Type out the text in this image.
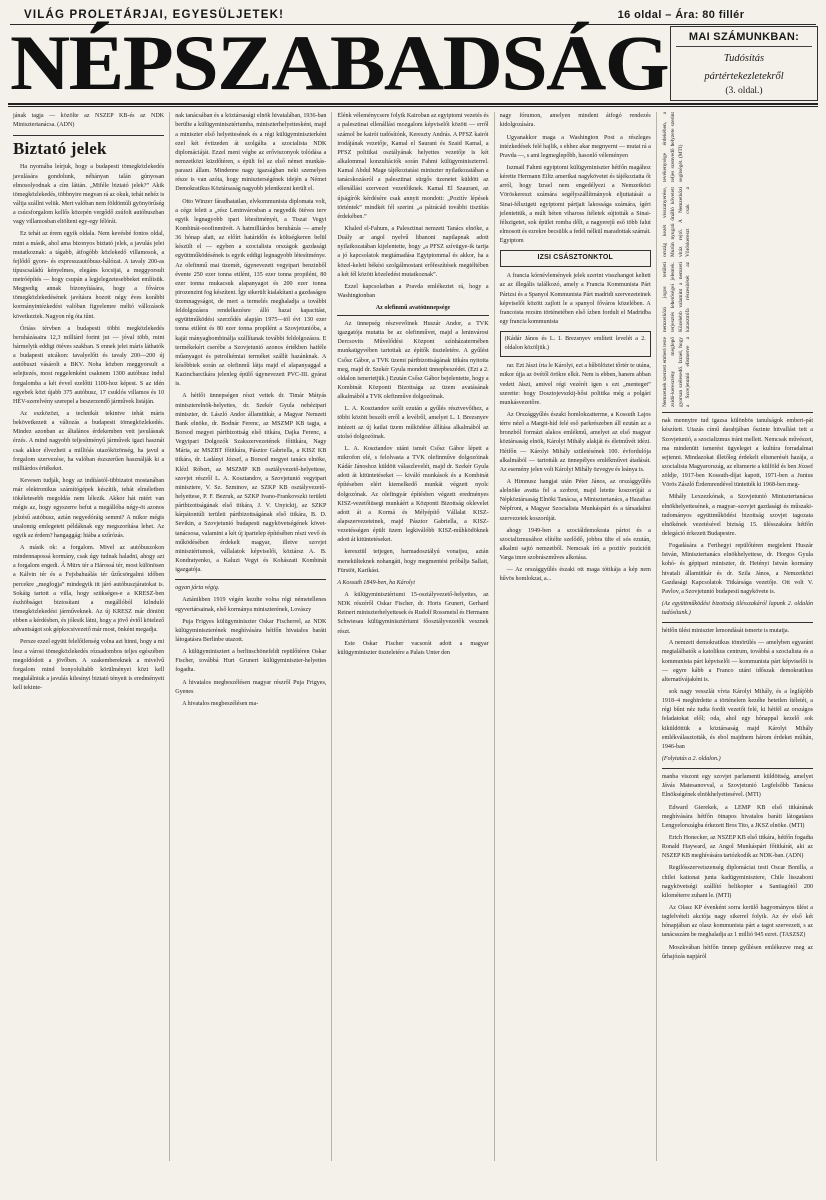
VILÁG PROLETÁRJAI, EGYESÜLJETEK!	16 oldal – Ára: 80 fillér
NÉPSZABADSÁG	MAI SZÁMUNKBAN:
Tudósítás
pártértekezletekről
(3. oldal.)

jának tagja — közölte az NSZEP KB-és az NDK Minisztertanácsa. (ADN)

Biztató jelek

Ha nyomába leírjuk, hogy a budapesti tömegközlekedés javulására gondolunk, néhányan talán gúnyosan elmosolyodnak a cím láttán. „Miféle biztató jelek?” Akik tömegközlekedés, többnyire megvan rá az okuk, tehát nehéz is váltja szállni velük. Mert valóban nem földöntúli gyönyörűség a csúcsforgalom kellős közepén vergődő zsúfolt autóbuszban vagy villamosban eltölteni egy-egy félórát.

Ez tehát az érem egyik oldala. Nem kevésbé fontos oldal, mint a másik, ahol ama bizonyos biztató jelek, a javulás jelei mutatkoznak: a tágabb, átfogóbb közlekedő villamosok, a fejlődő gyors- és expresszautóbusz-hálózat. A tavaly 200-as típuscsaládú kényelmes, elegáns kocsijai, a meggyorsult metróépítés — hogy csupán a legjelegzetesebbeket említsük. Megpedig annak bizonyítására, hogy a főváros tömegközlekedésének javításra hozott négy éves korábbi kormányintézkedést valóban figyelemre méltó vállozások következtek. Nagyon rég óta tűnt.

Óriáss térvben a budapesti többi megközlekedés beruházásaira 12,3 milliárd forint jut — jóval több, mint bármelyik eddigi ötéves szakban. S ennek jelei máris láthatók a budapesti utcákon: tavalyelőtt és tavaly 200—200 új autóbuszt vásárolt a BKV. Noha közben meggyorsult a selejtezés, most reggelenként csaknem 1300 autóbusz indul forgalomba a két évvel ezelőtti 1100-hoz képest. S az idén egyebek közt újabb 375 autóbusz, 17 csuklós villamos és 10 HÉV-szerelvény szerepel a beszerzendő járművek listáján.

Az eszközözt, a technikát tekintve tehát máris bekövetkezett a változás a budapesti tömegközlekedés. Mindez azonban az általános érdekemben vett javulásnak érzés. A mind nagyobb teljesítményű járművek igazi hasznát csak akkor élvezheti a millióás utazóközönség, ha javul a forgalom szervezése, ha valóban észszerűen használják ki a milliárdos értékeket.

Kevesen tudják, hogy az indítástól-tibbizatot mostanában már elektronikus számítógépek készítik, tehát elméletben tökéletesebb megoldás nem lélezik. Akkor hát miért van mégis az, hogy egyszerre befut a megállóba négy-öt azonos jelzésű autóbusz, aztán negyedóráig semmi? A mikor mégis unalomig emlegetett példáknak egy megszorítása lehet. Az egyik az érdem? hangaggág: hiába a szűrózás.

A másik ok: a forgalom. Mivel az autóbuszokon mindennapossá kormány, csak úgy tudnak haladni, ahogy azt a forgalom engedi. Á Mürx tér a Hárossá tér, most különösen a Kálvin tér és a Fejsbahuálás tér űzűcsörgalmi időben percekre „megfogja” mindegyik itt járó autóbuszjáratokat is. Sokáig tartott a villa, hogy szükséges-e a KRESZ-ben észhöbságet biztosítani a megállóból kilnduló tömegközlekedési járműveknek. Az új KRESZ már döntött ebben a kérdésben, és jólesik látni, hogy a jövő évtől kötelező advantságot sok gépkocsivezető már most, önként megadja.

Persze ezzel együtt felelőtlenség volna azt hinni, hogy a mi lesz a városi tömegközlekedés rózsadombos teljes egészében megoldódott a jövőben. A szakembereknek a mivelvű forgalom mind bonyolultabb körülményei közt kell megtalálniuk a javulás kilesínyi biztató tényeit is eredményeit kell tekinte-

nak tanácsában és a köztársasági elnök hivatalában, 1936-ban berülte a külügyminisztériumba, miniszterhelyettesként, majd a miniszter első helyettesének és a régi külügyminiszterként ezel két évtizeden át szolgálta a szocialista NDK diplomáciáját. Ezzel meni végbe az erőviszonyok tolódása a nemzetközi küzdőtéren, s épült fel az első német munkás-paraszt állam. Mindenne nagy igazságban neki szemelyes része is van azóta, hogy miniszterségének idején a Német Demokratikus Köztársaság nagyobb jelentkezni került el.

Otto Winzer fáradhatatlan, elvkommunista diplomata volt, a cégz felett a „rész Leninvárosban a negyedik ötéves terv egyik legnagyobb ipari létesítményét, a Tiszai Vegyi Kombinát-ooofinmüvét. A hatmilliárdos beruházás — amely 36 hónap alatt, az előírt határidőn és költségkeren belül készült el — egyben a szocialista országok gazdasági együttműködésének is egyik eddigi legnagyobb létesítménye. Az olefinmű mai üzemét, úgynevezett vegyipari benzinből évente 250 ezer tonna etilént, 135 ezer tonna propilént, 80 ezer tonna mukacsuk alapanyagot és 200 ezer tonna pirozenzint fog készíteni. Így sikerült kialakítani a gazdaságos üzemnagyságot, de mert a termelés meghaladja a további feldolgozásra rendelkezésre álló hazai kapacitást, együttműködési szerződés alapján 1975—töl évi 130 ezer tonna etilént és 80 ezer tonna propilént a Szovjetunióba, a kaját mányagbombinálja szállítanak további feldolgozásra. E termékekért cserébe a Szovjetunió azonos értékben hatféle műanyagot és petrolkémiai terméket szállít hazánknak. A későbbiek során az olefinmű látja majd el alapanyaggal a Kazincbarcikára jelenleg épülő úgynevezett PVC-III. gyárat is.

A hétfői ünnepségen részt vettek dr. Timár Mátyás miniszterelnök-helyettes, dr. Szekér Gyula nehézipari miniszter, dr. László Andor államtitkár, a Magyar Nemzeti Bank elnöke, dr. Bodnár Ferenc, az MSZMP KB tagja, a Borsod megyei pártbizottság első titkára, Dajka Ferenc, a Vegyipari Dolgozók Szakszervezetének főtitkára, Nagy Mária, az MSZBT főtitkára, Pásztor Gabriella, a KISZ KB titkára, dr. Ladányi József, a Borsod megyei tanács elnöke, Klézl Róbert, az MSZMP KB osztályvezető-helyettese, szovjet részről L. A. Kosztandov, a Szovjetunió vegyipari minisztere, V. Sz. Szminov, az SZKP KB osztályvezető-helyettese, P. F. Bezruk, az SZKP Ivano-Frankovszki területi pártbizottságának első titkára, J. V. Unyickij, az SZKP kárpátontúli területi pártbizottságának első titkára, B. D. Sevikin, a Szovjetunió budapesti nagykövetségének követ-tanácsosa, valamint a két új ipartelep építésében részt vevő és működésében érdekelt magyar, illetve szovjet minisztériumok, vállalatok képviselői, köztársz A. B. Kondratyenko, a Kaluzi Vegyi és Kohászati Kombinát igazgatója.

ogyan járta végig.

Aztánikben 1919 végén kezdte volna régi németellenes egyvertársainak, első kormánya miniszterének, Lovászy

Puja Frigyes külügyminiszter Oskar Fischerrel, az NDK külügyminiszterének meghívására hétfőn hivatalos baráti látogatásra Berlinbe utazott.

A külügyminisztert a berlinschönefeldi repülőtéren Oskar Fischer, továbbá Hurt Grunert külügyminiszter-helyettes fogadta.

A hivatalos megbeszélésen magyar részről Puja Frigyes, Gyenes

A hivatalos megbeszélésen ma-

Élénk véleménycsere folyik Kairoban az egyiptomi vezetés és a palesztinai ellenállási mozgalom képviselői között — erről számol be kairói tudósítónk, Kereszty András. A PFSZ kairói irodájának vezetője, Kamal el Saurani és Szaid Kamal, a PFSZ politikai osztályának helyettes vezetője is két alkalommal konzultációk során Fahmi külügyminiszterrel. Kamal Abdul Mage tájékoztatási miniszter nyilatkozatában a tanácskozásról a palesztinai sürgős üzenetet küldött az ellenállási szervezet vezetőiknek. Kamal El Szaurani, az újságírók kérdésére csak annyit mondott: „Pozitív lépések történtek” mindkét fél szerint „a pátrácád további tisztítás érdekében.”

Khaled el-Fahum, a Palesztinai nemzeti Tanács elnöke, a Duály ar angol nyelvű libanoni napilapnak adott nyilatkozatában kijelentette, hogy „a PFSZ szívügye-ik tartja a jó kapcsolatok megtámadása Egyiptommal és akkor, ha a közel-keleti békési szolgálmostani erőfeszítések megtéltében a két fél között közeledést mutatkoznak”.

Ezzel kapcsolatban a Pravda emlékeztet rá, hogy a Washingtonban

Az olefinmű avatóünnepsége

Az ünnepség részvevőinek Huszár Andor, a TVK igazgatója mutatta be az olefinművet, majd a leninvárosi Dercsovits Művelődési Központ színházatermében munkaügyvében tartottak az építők tiszteletére. A gyűlést Csősz Gábor, a TVK üzemi pártbizottságának titkára nyitotta meg, majd dr. Szekér Gyula mondott ünnepbeszédet. (Ezt a 2. oldalon ismertetjük.) Ezután Csősz Gábor bejelentette, hogy a Kombinát Központi Bizottsága az üzem avatásának alkalmából a TVK olefinműve dolgozóinak.

L. A. Kosztandov szólt ezután a gyűlés résztvevőihez, a többi között beszélt erről a levélről, amelyet L. I. Brezsnyev intézett az új katlai üzem működése állítása alkalmából az utolsó dolgozóinak.

L. A. Kosztandov utáni ismét Csősz Gábor lépett a mikrofon elé, s felolvasta a TVK olefinműve dolgozóinak Kádár Jánoshoz küldött válaszlevelét, majd dr. Szekér Gyula adott át kitüntetéseket — kiváló munkások és a Kombinát építéseben elért kiemelkedő munkát végzett nyolc dolgozónak. Az olefingyár építésben végzett eredményes KISZ-vezetőiüsegi munkáért a Központi Bizottság oklevelet adott át a Kormá és Mélyépítő Vállalat KISZ-alapszervezeteinek, majd Pásztor Gabriella, a KISZ-vezetésségen épült üzem legkiválóbb KISZ-műhködöknek adott át kitüntetéseket.

keresztül tetjegen, harmadosztályú vonaijsu, aztán menekülteknek nohangáti, hogy megmentési próbálja Sallait, Fürstöt, Karikást.

A Kossuth 1849-ben, ha Károlyi

A külügyminisztériumi 15-osztályvezető-helyettes, az NDK részéről Oskar Fischer, dr. Horts Grunert, Gerhard Reinert miniszterhelyettesek és Rudolf Rossmeisl és Hermann Schwiesau külügyminisztériumi főosztályvezetők vesznek részt.

Este Oskar Fischer vacsorát adott a magyar külügyminiszter tiszteletére a Palais Unter den

nagy fórumon, amelyen mindent átfogó rendezés kidolgozására.

Ugyanakkor maga a Washington Post a részleges intézkedések felé hajlik, s ehhez akar megnyerni — mutat rá a Pravda —, s ami legmeglepőbb, hasonló véleményen

Iszmail Fahmi egyiptomi külügyminiszter hétfőn magához kérette Hermann Eiltz amerikai nagykövetet és tájékoztatta őt arról, hogy Izrael nem engedélyezi a Nemzetközi Vöröskereszt számára segélyszállítmányok eljuttatását a Sinai-félszigeti egyiptomi pártjait lakossága számára, ígéri jelentettük, a múlt héten vihaross ítéletek sújtották a Sinai-félszigetet, sok épület romba dőlt, a nagyerejű eső több falut elmosott és ezrekre becsülik a fedél nélkül maradottak számát. Egyiptom

IZSI CSÁSZTONKTOL

A francia kórnévlemények jelek szerint visszhangot keltett az az illegális találkozó, amely a Francia Kommunista Párt Párizsi és a Spanyol Kommunista Párt madridi szervezeteinek képviselői között zajlott le a spanyol főváros közelében. A francoista rezsim történetében első ízben fordult el Madridba egy francia kommunista

(Kádár János és L. I. Brezsnyev említett levelét a 2. oldalon közöljük.)

rar. Ezt Jászi írta le Károlyi, ezt a hűbölöztet tőrtér te utána, mikor újja az övétől örökre elkít. Nem is ebben, hanem abban vedett Jászi, amivel régi vezérét igen s ezt „menteget” szerette: hogy Dosztojevszkij-hősi politika még a polgári munkásvezetőre.

Az Országgyűlés északi homlokzatterme, a Kossuth Lajos térre néző a Margit-híd felé eső parkrészeben áll ezután az a bronzból formázt alakos emlékmű, amelyet az első magyar köztársaság elnök, Károlyi Mihály alakját és életművét idézi. Hétfőn — Károlyi Mihály születésének 100. évfordulója alkalmából — tartották az ünnepélyes emlékművet átadását. Az esemény jelen volt Károlyi Mihály özvegye és leánya is.

A Himnusz hangjai után Péter János, az országgyűlés alelnöke avatta fel a szobrot, majd letette koszorúját a Népköztársaság Elnöki Tanácsa, a Minisztertanács, a Hazafias Népfront, a Magyar Szocialista Munkáspárt és a társadalmi szervezetek koszorúját.

ahogy 1949-ben a szociáldemokrata pártot és a szocializmusához elítélte szelődő, jobbra ülte el sós ezután, alkalmi sajtó nemzetből. Nemcsak író a pozitív pozicióit Varga imre szobrászműves alkotása.

— Az országgyűlés északi ott maga tóttkája a kép nem hűvös homlokzat, a...

Nemzetnek szerzett emberi teste zsidó-keresztény meglepő gyorsan szélesedő. Izrael, hogy a Szovjetunió elismerve a nemzetközi jogos területi terjesztés lehetőségei jelentek. Közelebb valamint a nemzeti katasztrófa részesítését az ország kezét visszanyerése, Murün nyugati önálló követett vitáz rejtő. A Nemzetközi Vöröskereszt csak a tevékenysége érdekében, a teljes szenvedő helyzete szerint segítségét. (MTI)

nak mennyire tud igazsa különbös tanulságok emberi-pát készített. Utazás című darabjában őszinte hitvallást tett a Szovjetunió, a szocializmus iránt mellett. Nemcsak művészet, ma mindenütt ismerést ügyeleget a kultúra forradalmai sejtenni. Mindazokat illetőleg érdekelt elismerését hazája, a szocialista Magyarország, az elismerte a külföld és ben József zöldje, 1917-ben Kossuth-díjat kapott, 1971-ben a Junius Vörös Zászló Érdemrendével tüntették ki 1968-ben meg-

Mihály Lexzezkónak, a Szovjetunió Minisztertanácsa elnökhelyettesének, a magyar–szovjet gazdasági és műszaki-tudományos együttműködési bizottság szovjet tagozata elnökének vezetésével biztság 15. ülésszakára hétfőn delegáció érkezett Budapestre.

Fogadására a Ferihegyi repülőtéren megjelent Huszár István, Minisztertanács elnökhelyettese, dr. Horgos Gyula kohó- és gépipari miniszter, dr. Hetényi István kormány hivatali államtitkár és dr. Szila János, a Nemzetközi Gazdasági Kapcsolatok Titkársága vezetője. Ott volt V. Pavlov, a Szovjetunió budapesti nagykövete is.

(Az együttműködési bizottság ülésszakáról lapunk 2. oldalán tudósítunk.)

hétfőn ülést miniszter lemondását ismerte is mutatja.

A nemzeti demokratikus tömörülés — amelyben egyaránt megtalálhatók a katolikus centrum, továbbá a szocialista és a kommunista párt képviselői — kommunista párt képviselői is — egyre kább a Franco utáni időszak demokratikus alternatívájaként is.

sok nagy vesszlát vívta Károlyi Mihály, és a legfájóbb 1918–4 meghirdette a történelem kezéhe hetetlen ítéletét, a régi bűnt néz tudta fordít vezetőt felé, ki hétfél az országos feladatokat elől; oda, ahol egy hónappal kezelő sok kiküldöttük a köztársaság majd Károlyi Mihály emlékválasztották, és ebol majdnem három érdeket múltán, 1946-ban

(Folytatás a 2. oldalon.)

manba viszont egy szovjet parlamenti küldöttség, amelyet Jávás Matesanovval, a Szovjetunió Legfelsőbb Tanácsa Elnökségének elnökhelyettesével. (MTI)

Edward Gierekek, a LEMP KB első titkárának meghívására hétfőn ötnapos hivatalos baráti látogatásra Lengyelországba érkezett Bros Tito, a JKSZ elnöke. (MTI)

Erich Honecker, az NSZEP KB első titkára, hétfőn fogadta Ronald Hayward, az Angol Munkáspárt főtitkárát, aki az NSZEP KB meghívására tartózkodik az NDK-ban. (ADN)

Regilósszerveiszenség diplomáciai testi Oscar Bonilla, a chilei kationai junta kadügyminisztere, Chile lisszaboni nagykövetségi szállító helikopter a Santiagótól 200 kilométerre zuhant le. (MTI)

Az Olasz KP évenként sorra kerülő hagyományos ülést a tagfelvételi akciója nagy sikerrel folyik. Az év első két hónapjában az olasz kommunista párt a tagot szervezett, s az tanácsszám be meghaladja az 1 millió 945 ezret. (TASZSZ)

Moszkvában hétfőn ünnep gyűlésen emlékezve meg az űrhajózás napjáról
